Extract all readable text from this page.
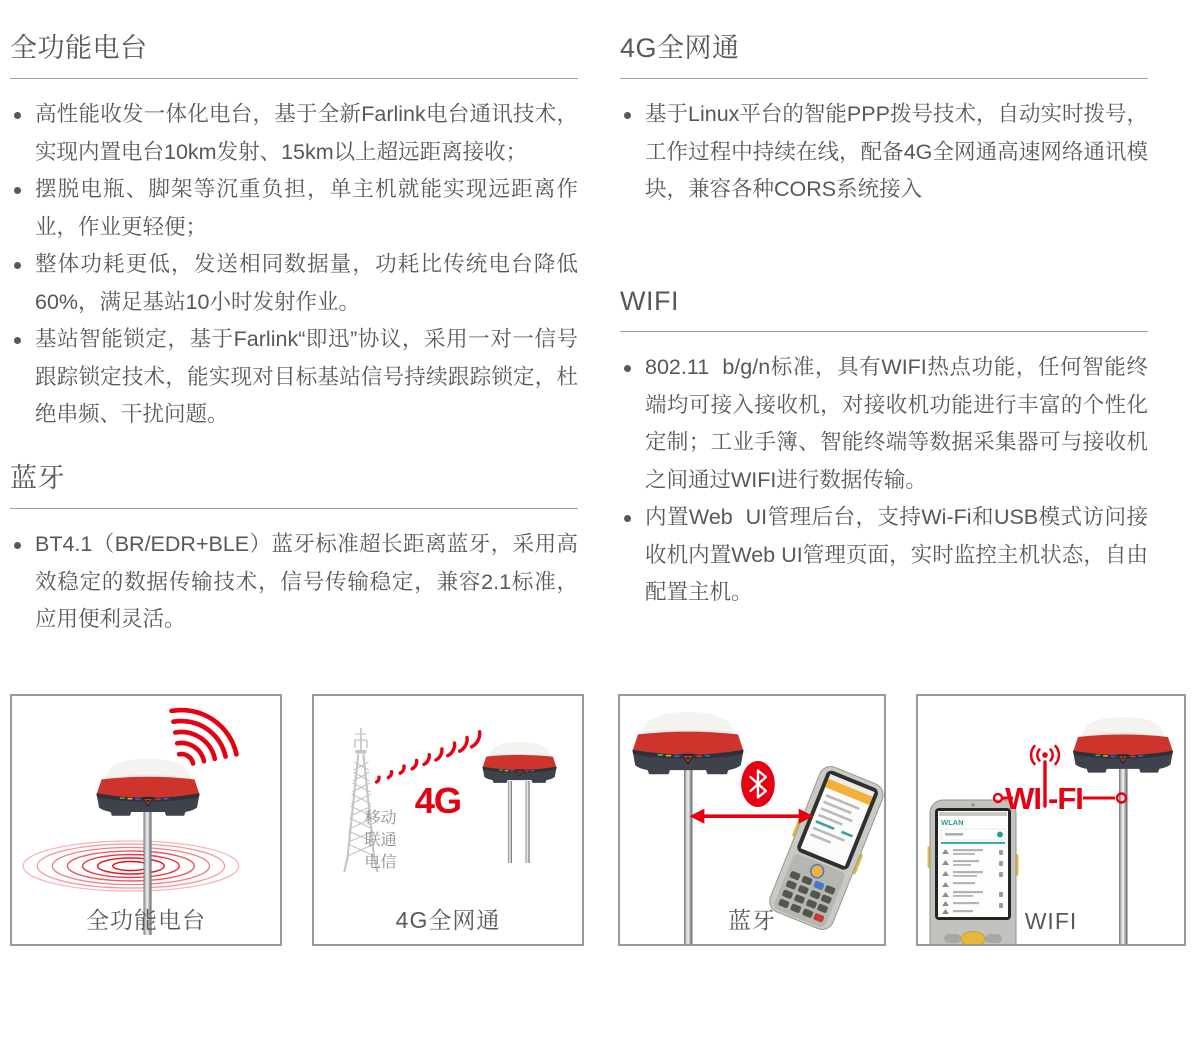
全功能电台
高性能收发一体化电台，基于全新Farlink电台通讯技术，实现内置电台10km发射、15km以上超远距离接收；
摆脱电瓶、脚架等沉重负担，单主机就能实现远距离作业，作业更轻便；
整体功耗更低，发送相同数据量，功耗比传统电台降低60%，满足基站10小时发射作业。
基站智能锁定，基于Farlink“即迅”协议，采用一对一信号跟踪锁定技术，能实现对目标基站信号持续跟踪锁定，杜绝串频、干扰问题。
蓝牙
BT4.1（BR/EDR+BLE）蓝牙标准超长距离蓝牙，采用高效稳定的数据传输技术，信号传输稳定，兼容2.1标准，应用便利灵活。
4G全网通
基于Linux平台的智能PPP拨号技术，自动实时拨号，工作过程中持续在线，配备4G全网通高速网络通讯模块，兼容各种CORS系统接入
WIFI
802.11  b/g/n标准，具有WIFI热点功能，任何智能终端均可接入接收机，对接收机功能进行丰富的个性化定制；工业手簿、智能终端等数据采集器可与接收机之间通过WIFI进行数据传输。
内置Web  UI管理后台，支持Wi-Fi和USB模式访问接收机内置Web UI管理页面，实时监控主机状态，自由配置主机。
全功能电台
4G
移动
联通
电信
4G全网通	蓝牙
WLAN
WI -FI
WIFI
